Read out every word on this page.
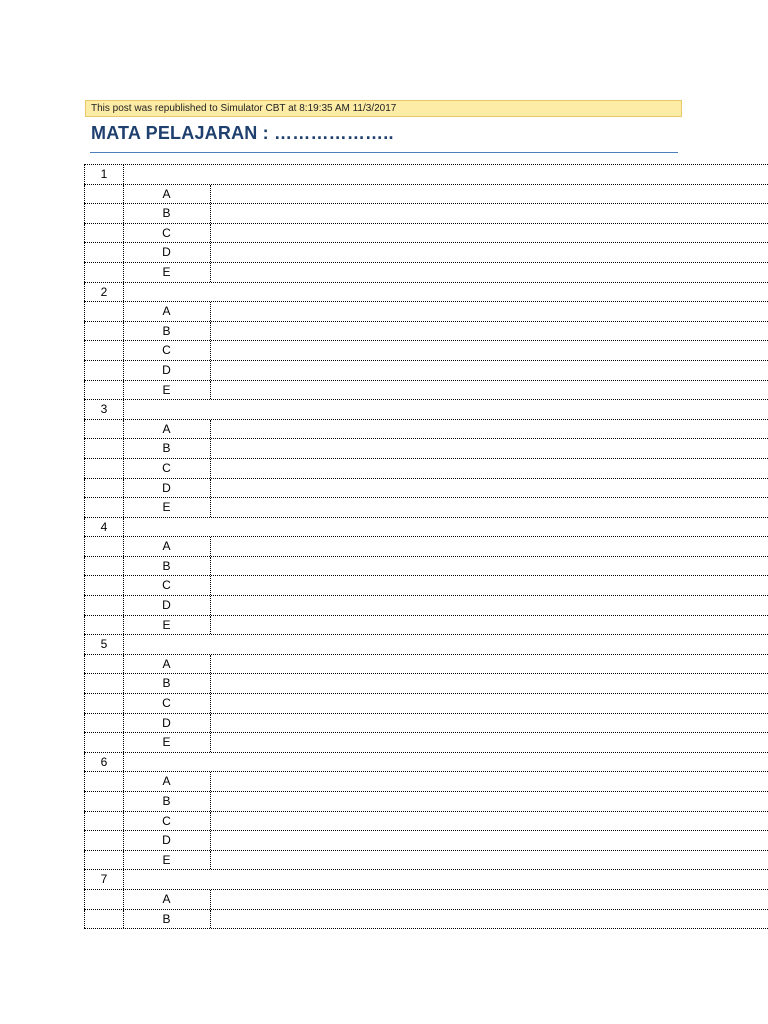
This post was republished to Simulator CBT at 8:19:35 AM 11/3/2017
MATA PELAJARAN : ………………..
1
A
B
C
D
E
2
A
B
C
D
E
3
A
B
C
D
E
4
A
B
C
D
E
5
A
B
C
D
E
6
A
B
C
D
E
7
A
B
